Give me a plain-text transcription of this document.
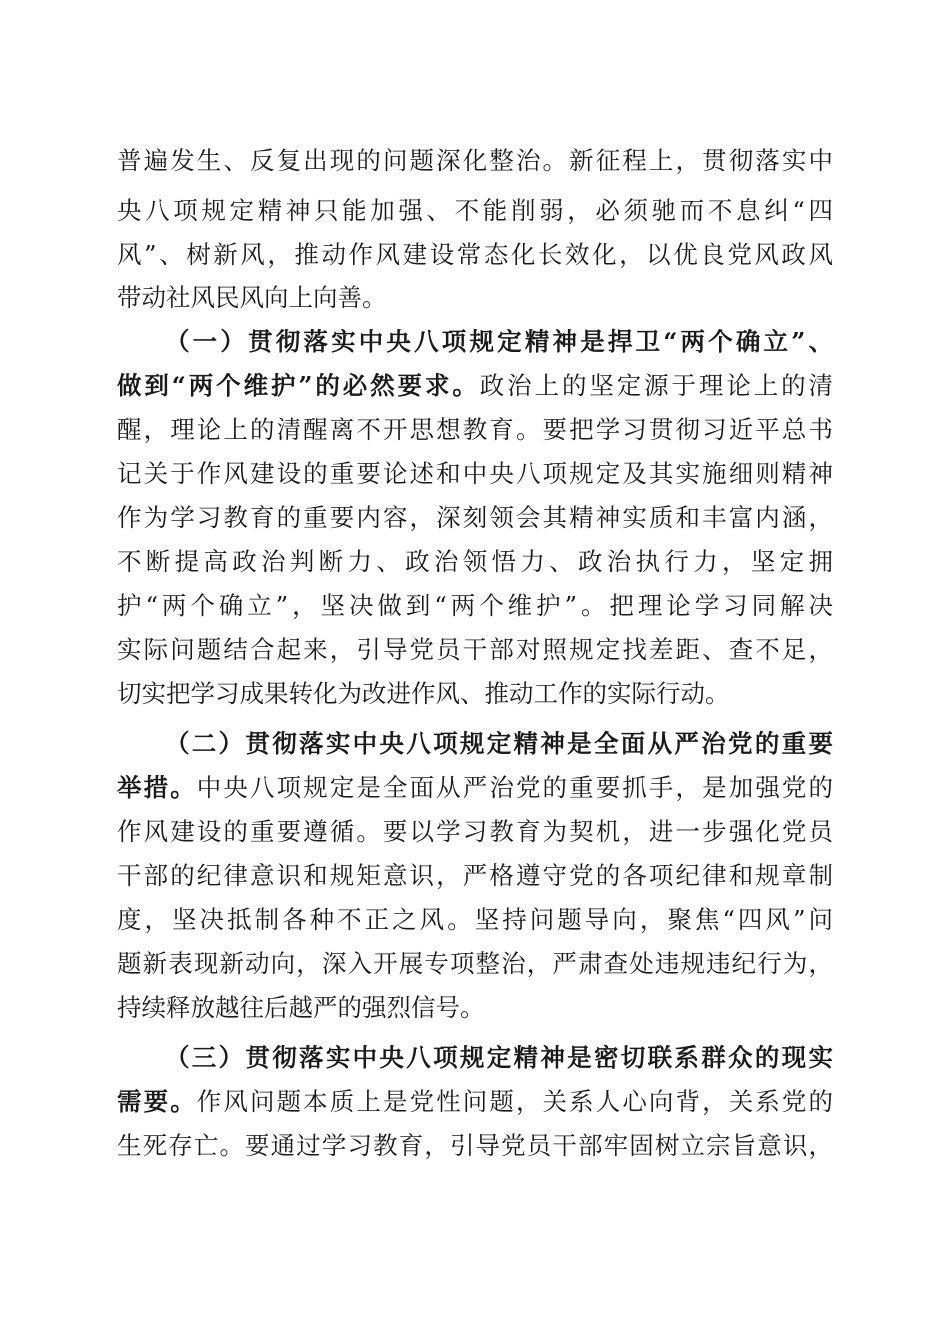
普遍发生、反复出现的问题深化整治。新征程上，贯彻落实中
央八项规定精神只能加强、不能削弱，必须驰而不息纠“四
风”、树新风，推动作风建设常态化长效化，以优良党风政风
带动社风民风向上向善。
（一）贯彻落实中央八项规定精神是捍卫“两个确立”、
做到“两个维护”的必然要求。政治上的坚定源于理论上的清
醒，理论上的清醒离不开思想教育。要把学习贯彻习近平总书
记关于作风建设的重要论述和中央八项规定及其实施细则精神
作为学习教育的重要内容，深刻领会其精神实质和丰富内涵，
不断提高政治判断力、政治领悟力、政治执行力，坚定拥
护“两个确立”，坚决做到“两个维护”。把理论学习同解决
实际问题结合起来，引导党员干部对照规定找差距、查不足，
切实把学习成果转化为改进作风、推动工作的实际行动。
（二）贯彻落实中央八项规定精神是全面从严治党的重要
举措。中央八项规定是全面从严治党的重要抓手，是加强党的
作风建设的重要遵循。要以学习教育为契机，进一步强化党员
干部的纪律意识和规矩意识，严格遵守党的各项纪律和规章制
度，坚决抵制各种不正之风。坚持问题导向，聚焦“四风”问
题新表现新动向，深入开展专项整治，严肃查处违规违纪行为，
持续释放越往后越严的强烈信号。
（三）贯彻落实中央八项规定精神是密切联系群众的现实
需要。作风问题本质上是党性问题，关系人心向背，关系党的
生死存亡。要通过学习教育，引导党员干部牢固树立宗旨意识，
